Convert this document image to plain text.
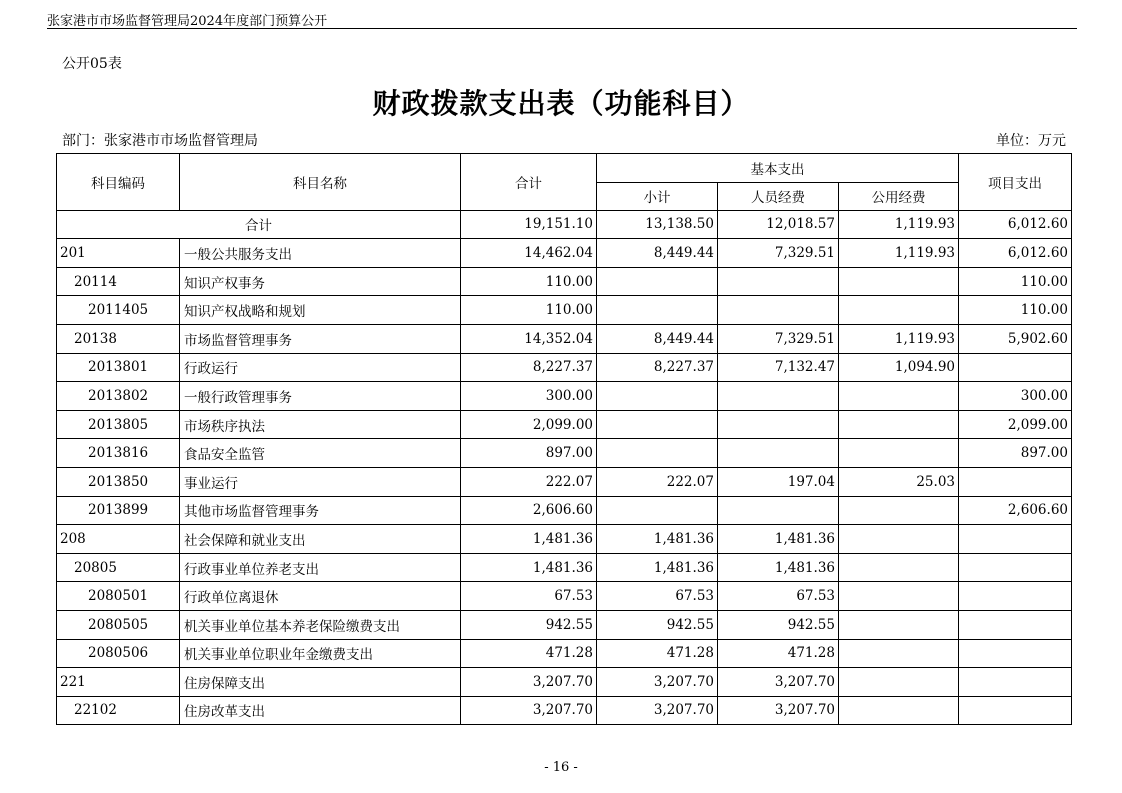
张家港市市场监督管理局2024年度部门预算公开
公开05表
财政拨款支出表（功能科目）
部门：张家港市市场监督管理局	单位：万元
科目编码	科目名称	合计	基本支出			项目支出
			小计	人员经费	公用经费	
合计		19,151.10	13,138.50	12,018.57	1,119.93	6,012.60
201	一般公共服务支出	14,462.04	8,449.44	7,329.51	1,119.93	6,012.60
20114	知识产权事务	110.00				110.00
2011405	知识产权战略和规划	110.00				110.00
20138	市场监督管理事务	14,352.04	8,449.44	7,329.51	1,119.93	5,902.60
2013801	行政运行	8,227.37	8,227.37	7,132.47	1,094.90	
2013802	一般行政管理事务	300.00				300.00
2013805	市场秩序执法	2,099.00				2,099.00
2013816	食品安全监管	897.00				897.00
2013850	事业运行	222.07	222.07	197.04	25.03	
2013899	其他市场监督管理事务	2,606.60				2,606.60
208	社会保障和就业支出	1,481.36	1,481.36	1,481.36		
20805	行政事业单位养老支出	1,481.36	1,481.36	1,481.36		
2080501	行政单位离退休	67.53	67.53	67.53		
2080505	机关事业单位基本养老保险缴费支出	942.55	942.55	942.55		
2080506	机关事业单位职业年金缴费支出	471.28	471.28	471.28		
221	住房保障支出	3,207.70	3,207.70	3,207.70		
22102	住房改革支出	3,207.70	3,207.70	3,207.70		
- 16 -
